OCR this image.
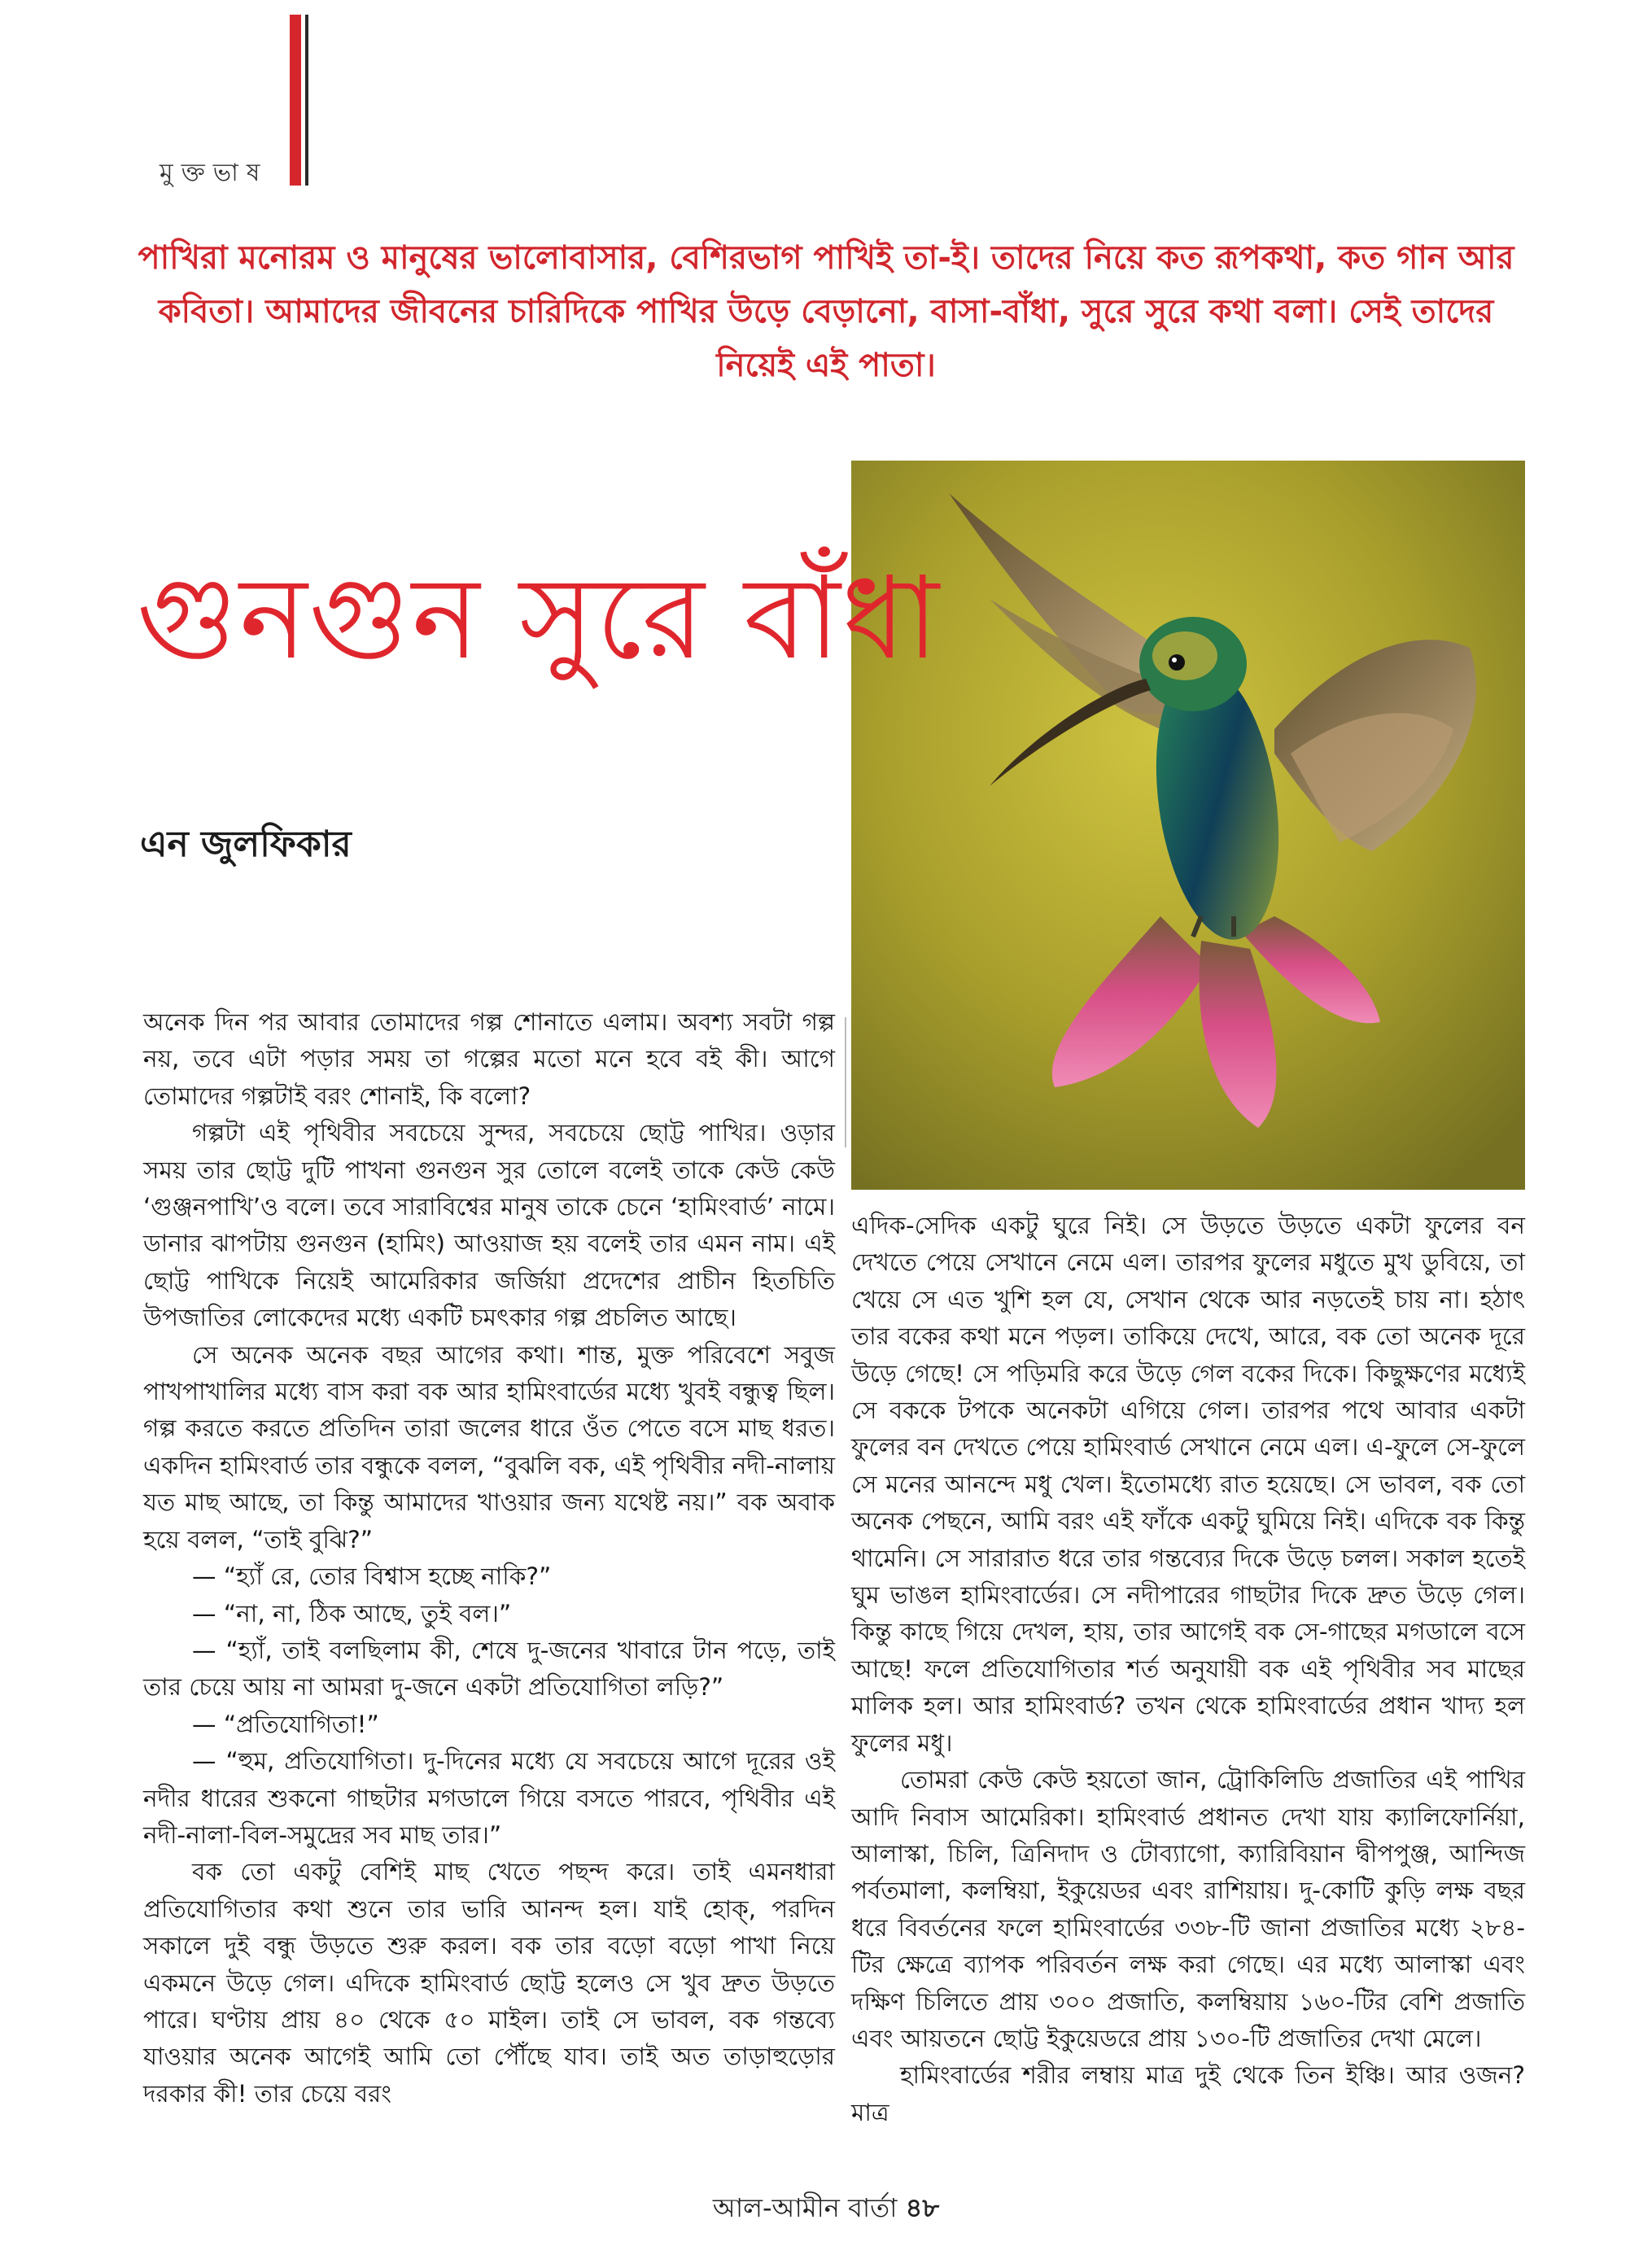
মুক্তভাষ
পাখিরা মনোরম ও মানুষের ভালোবাসার, বেশিরভাগ পাখিই তা-ই। তাদের নিয়ে কত রূপকথা, কত গান আর কবিতা। আমাদের জীবনের চারিদিকে পাখির উড়ে বেড়ানো, বাসা-বাঁধা, সুরে সুরে কথা বলা। সেই তাদের নিয়েই এই পাতা।
গুনগুন সুরে বাঁধা
এন জুলফিকার

অনেক দিন পর আবার তোমাদের গল্প শোনাতে এলাম। অবশ্য সবটা গল্প নয়, তবে এটা পড়ার সময় তা গল্পের মতো মনে হবে বই কী। আগে তোমাদের গল্পটাই বরং শোনাই, কি বলো?

গল্পটা এই পৃথিবীর সবচেয়ে সুন্দর, সবচেয়ে ছোট্ট পাখির। ওড়ার সময় তার ছোট্ট দুটি পাখনা গুনগুন সুর তোলে বলেই তাকে কেউ কেউ ‘গুঞ্জনপাখি’ও বলে। তবে সারাবিশ্বের মানুষ তাকে চেনে ‘হামিংবার্ড’ নামে। ডানার ঝাপটায় গুনগুন (হামিং) আওয়াজ হয় বলেই তার এমন নাম। এই ছোট্ট পাখিকে নিয়েই আমেরিকার জর্জিয়া প্রদেশের প্রাচীন হিতচিতি উপজাতির লোকেদের মধ্যে একটি চমৎকার গল্প প্রচলিত আছে।

সে অনেক অনেক বছর আগের কথা। শান্ত, মুক্ত পরিবেশে সবুজ পাখপাখালির মধ্যে বাস করা বক আর হামিংবার্ডের মধ্যে খুবই বন্ধুত্ব ছিল। গল্প করতে করতে প্রতিদিন তারা জলের ধারে ওঁত পেতে বসে মাছ ধরত। একদিন হামিংবার্ড তার বন্ধুকে বলল, “বুঝলি বক, এই পৃথিবীর নদী-নালায় যত মাছ আছে, তা কিন্তু আমাদের খাওয়ার জন্য যথেষ্ট নয়।” বক অবাক হয়ে বলল, “তাই বুঝি?”

— “হ্যাঁ রে, তোর বিশ্বাস হচ্ছে নাকি?”

— “না, না, ঠিক আছে, তুই বল।”

— “হ্যাঁ, তাই বলছিলাম কী, শেষে দু-জনের খাবারে টান পড়ে, তাই তার চেয়ে আয় না আমরা দু-জনে একটা প্রতিযোগিতা লড়ি?”

— “প্রতিযোগিতা!”

— “হুম, প্রতিযোগিতা। দু-দিনের মধ্যে যে সবচেয়ে আগে দূরের ওই নদীর ধারের শুকনো গাছটার মগডালে গিয়ে বসতে পারবে, পৃথিবীর এই নদী-নালা-বিল-সমুদ্রের সব মাছ তার।”

বক তো একটু বেশিই মাছ খেতে পছন্দ করে। তাই এমনধারা প্রতিযোগিতার কথা শুনে তার ভারি আনন্দ হল। যাই হোক্‌, পরদিন সকালে দুই বন্ধু উড়তে শুরু করল। বক তার বড়ো বড়ো পাখা নিয়ে একমনে উড়ে গেল। এদিকে হামিংবার্ড ছোট্ট হলেও সে খুব দ্রুত উড়তে পারে। ঘণ্টায় প্রায় ৪০ থেকে ৫০ মাইল। তাই সে ভাবল, বক গন্তব্যে যাওয়ার অনেক আগেই আমি তো পৌঁছে যাব। তাই অত তাড়াহুড়োর দরকার কী! তার চেয়ে বরং

এদিক-সেদিক একটু ঘুরে নিই। সে উড়তে উড়তে একটা ফুলের বন দেখতে পেয়ে সেখানে নেমে এল। তারপর ফুলের মধুতে মুখ ডুবিয়ে, তা খেয়ে সে এত খুশি হল যে, সেখান থেকে আর নড়তেই চায় না। হঠাৎ তার বকের কথা মনে পড়ল। তাকিয়ে দেখে, আরে, বক তো অনেক দূরে উড়ে গেছে! সে পড়িমরি করে উড়ে গেল বকের দিকে। কিছুক্ষণের মধ্যেই সে বককে টপকে অনেকটা এগিয়ে গেল। তারপর পথে আবার একটা ফুলের বন দেখতে পেয়ে হামিংবার্ড সেখানে নেমে এল। এ-ফুলে সে-ফুলে সে মনের আনন্দে মধু খেল। ইতোমধ্যে রাত হয়েছে। সে ভাবল, বক তো অনেক পেছনে, আমি বরং এই ফাঁকে একটু ঘুমিয়ে নিই। এদিকে বক কিন্তু থামেনি। সে সারারাত ধরে তার গন্তব্যের দিকে উড়ে চলল। সকাল হতেই ঘুম ভাঙল হামিংবার্ডের। সে নদীপারের গাছটার দিকে দ্রুত উড়ে গেল। কিন্তু কাছে গিয়ে দেখল, হায়, তার আগেই বক সে-গাছের মগডালে বসে আছে! ফলে প্রতিযোগিতার শর্ত অনুযায়ী বক এই পৃথিবীর সব মাছের মালিক হল। আর হামিংবার্ড? তখন থেকে হামিংবার্ডের প্রধান খাদ্য হল ফুলের মধু।

তোমরা কেউ কেউ হয়তো জান, ট্রোকিলিডি প্রজাতির এই পাখির আদি নিবাস আমেরিকা। হামিংবার্ড প্রধানত দেখা যায় ক্যালিফোর্নিয়া, আলাস্কা, চিলি, ত্রিনিদাদ ও টোব্যাগো, ক্যারিবিয়ান দ্বীপপুঞ্জ, আন্দিজ পর্বতমালা, কলম্বিয়া, ইকুয়েডর এবং রাশিয়ায়। দু-কোটি কুড়ি লক্ষ বছর ধরে বিবর্তনের ফলে হামিংবার্ডের ৩৩৮-টি জানা প্রজাতির মধ্যে ২৮৪-টির ক্ষেত্রে ব্যাপক পরিবর্তন লক্ষ করা গেছে। এর মধ্যে আলাস্কা এবং দক্ষিণ চিলিতে প্রায় ৩০০ প্রজাতি, কলম্বিয়ায় ১৬০-টির বেশি প্রজাতি এবং আয়তনে ছোট্ট ইকুয়েডরে প্রায় ১৩০-টি প্রজাতির দেখা মেলে।

হামিংবার্ডের শরীর লম্বায় মাত্র দুই থেকে তিন ইঞ্চি। আর ওজন? মাত্র

আল-আমীন বার্তা ৪৮
